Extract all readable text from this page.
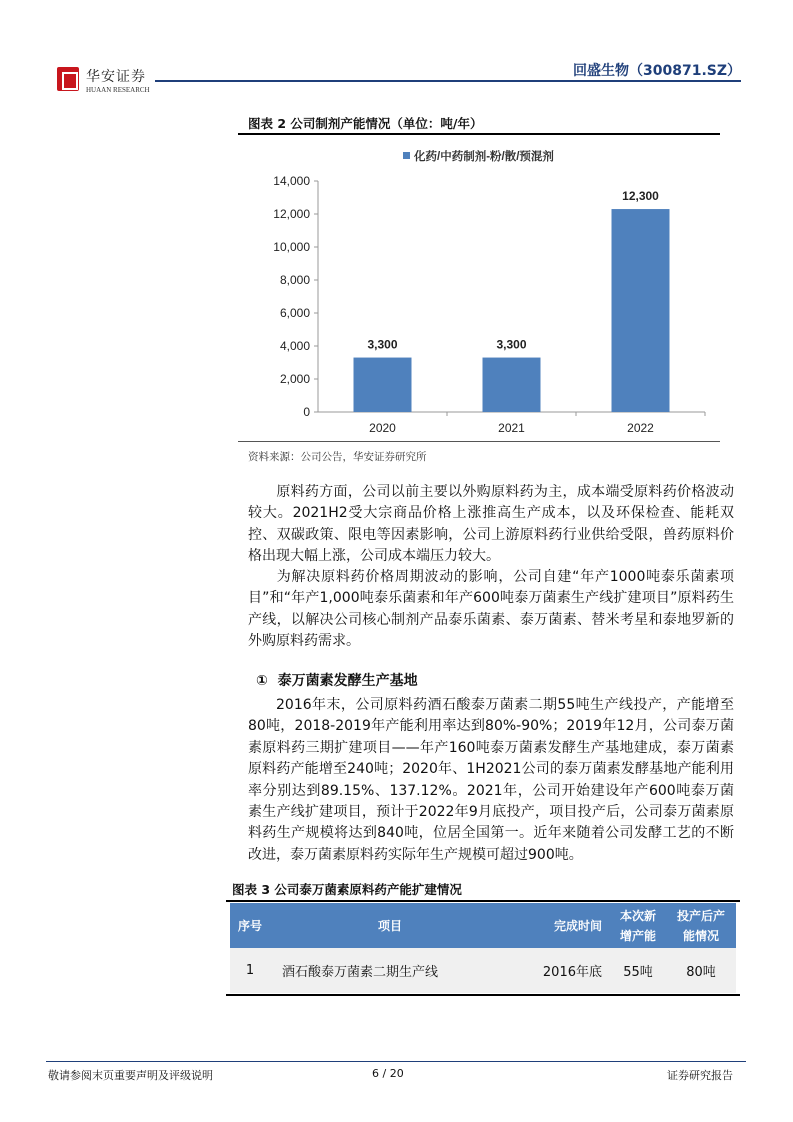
华安证券
HUAAN RESEARCH
回盛生物（300871.SZ）
图表 2 公司制剂产能情况（单位：吨/年）
0
2,000
4,000
6,000
8,000
10,000
12,000
14,000
3,300
2020
3,300
2021
12,300
2022
化药/中药制剂-粉/散/预混剂
资料来源：公司公告，华安证券研究所
原料药方面，公司以前主要以外购原料药为主，成本端受原料药价格波动较大。2021H2受大宗商品价格上涨推高生产成本，以及环保检查、能耗双控、双碳政策、限电等因素影响，公司上游原料药行业供给受限，兽药原料价格出现大幅上涨，公司成本端压力较大。
为解决原料药价格周期波动的影响，公司自建“年产1000吨泰乐菌素项目”和“年产1,000吨泰乐菌素和年产600吨泰万菌素生产线扩建项目”原料药生产线，以解决公司核心制剂产品泰乐菌素、泰万菌素、替米考星和泰地罗新的外购原料药需求。
① 泰万菌素发酵生产基地
2016年末，公司原料药酒石酸泰万菌素二期55吨生产线投产，产能增至80吨，2018-2019年产能利用率达到80%-90%；2019年12月，公司泰万菌素原料药三期扩建项目——年产160吨泰万菌素发酵生产基地建成，泰万菌素原料药产能增至240吨；2020年、1H2021公司的泰万菌素发酵基地产能利用率分别达到89.15%、137.12%。2021年，公司开始建设年产600吨泰万菌素生产线扩建项目，预计于2022年9月底投产，项目投产后，公司泰万菌素原料药生产规模将达到840吨，位居全国第一。近年来随着公司发酵工艺的不断改进，泰万菌素原料药实际年生产规模可超过900吨。
图表 3 公司泰万菌素原料药产能扩建情况
序号	项目	完成时间	本次新增产能	投产后产能情况
1	酒石酸泰万菌素二期生产线	2016年底	55吨	80吨
敬请参阅末页重要声明及评级说明	6 / 20	证券研究报告
